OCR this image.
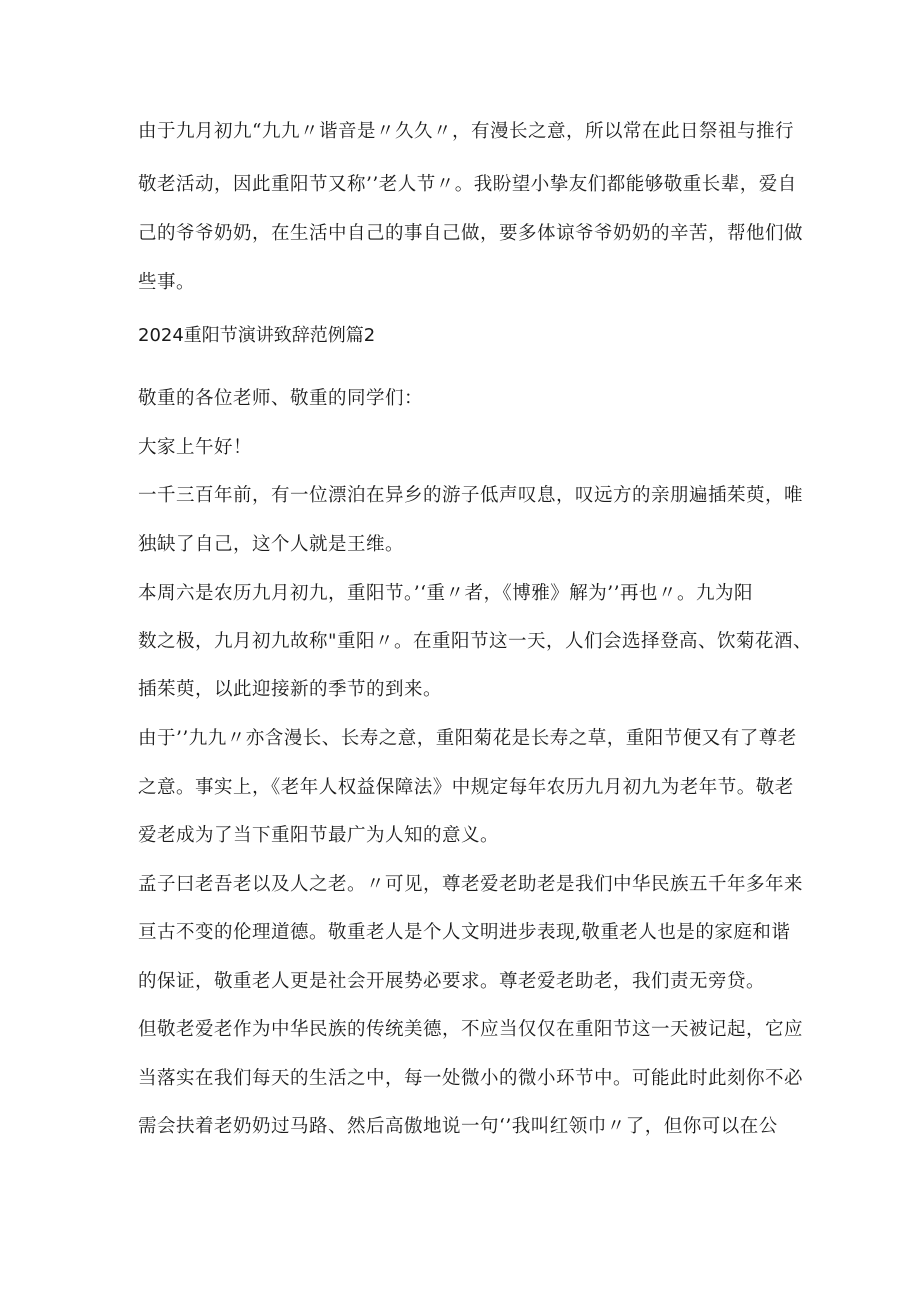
由于九月初九“九九〃谐音是〃久久〃，有漫长之意，所以常在此日祭祖与推行
敬老活动，因此重阳节又称’’老人节〃。我盼望小挚友们都能够敬重长辈，爱自
己的爷爷奶奶，在生活中自己的事自己做，要多体谅爷爷奶奶的辛苦，帮他们做
些事。
2024重阳节演讲致辞范例篇2
敬重的各位老师、敬重的同学们：
大家上午好！
一千三百年前，有一位漂泊在异乡的游子低声叹息，叹远方的亲朋遍插茱萸，唯
独缺了自己，这个人就是王维。
本周六是农历九月初九，重阳节。’‘重〃者，《博雅》解为’’再也〃。九为阳
数之极，九月初九故称"重阳〃。在重阳节这一天，人们会选择登高、饮菊花酒、
插茱萸，以此迎接新的季节的到来。
由于’’九九〃亦含漫长、长寿之意，重阳菊花是长寿之草，重阳节便又有了尊老
之意。事实上，《老年人权益保障法》中规定每年农历九月初九为老年节。敬老
爱老成为了当下重阳节最广为人知的意义。
孟子曰老吾老以及人之老。〃可见，尊老爱老助老是我们中华民族五千年多年来
亘古不变的伦理道德。敬重老人是个人文明进步表现,敬重老人也是的家庭和谐
的保证，敬重老人更是社会开展势必要求。尊老爱老助老，我们责无旁贷。
但敬老爱老作为中华民族的传统美德，不应当仅仅在重阳节这一天被记起，它应
当落实在我们每天的生活之中，每一处微小的微小环节中。可能此时此刻你不必
需会扶着老奶奶过马路、然后高傲地说一句‘’我叫红领巾〃了，但你可以在公
